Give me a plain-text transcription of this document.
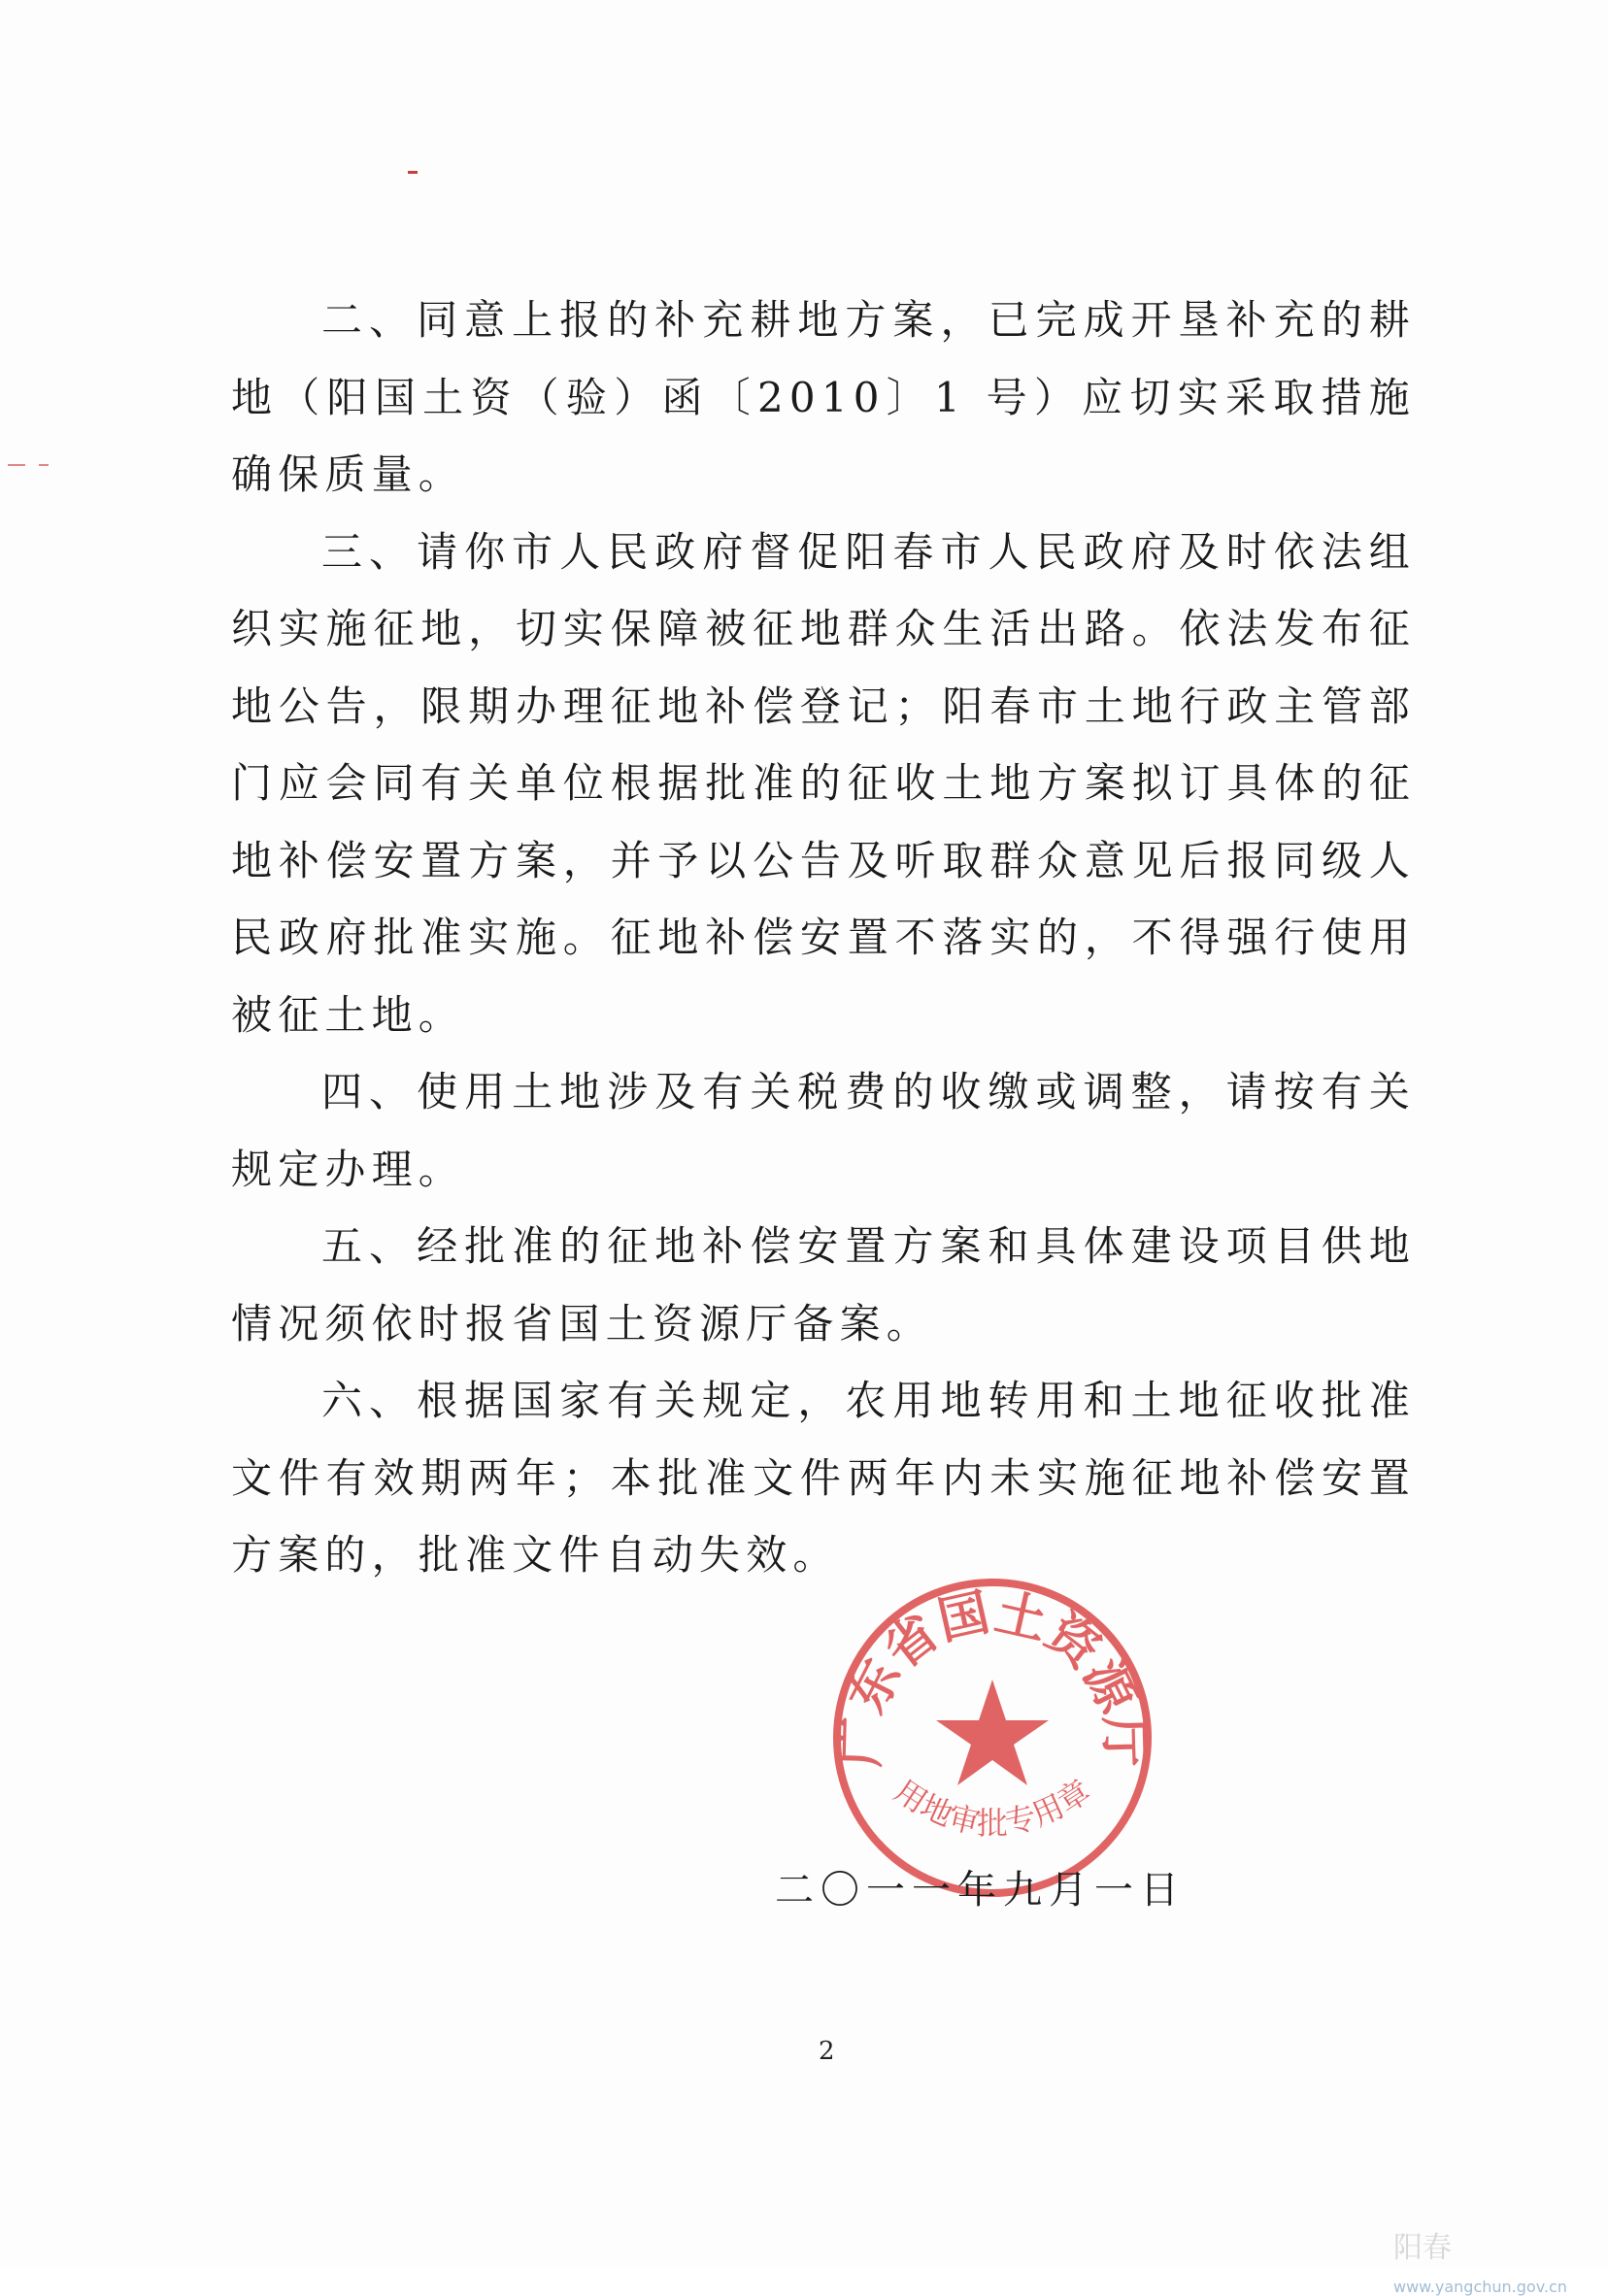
二、同意上报的补充耕地方案，已完成开垦补充的耕地（阳国土资（验）函〔2010〕1 号）应切实采取措施确保质量。

三、请你市人民政府督促阳春市人民政府及时依法组织实施征地，切实保障被征地群众生活出路。依法发布征地公告，限期办理征地补偿登记；阳春市土地行政主管部门应会同有关单位根据批准的征收土地方案拟订具体的征地补偿安置方案，并予以公告及听取群众意见后报同级人民政府批准实施。征地补偿安置不落实的，不得强行使用被征土地。

四、使用土地涉及有关税费的收缴或调整，请按有关规定办理。

五、经批准的征地补偿安置方案和具体建设项目供地情况须依时报省国土资源厅备案。

六、根据国家有关规定，农用地转用和土地征收批准文件有效期两年；本批准文件两年内未实施征地补偿安置方案的，批准文件自动失效。

广东省国土资源厅
用地审批专用章
二〇一一年九月一日
2
阳春 www.yangchun.gov.cn
